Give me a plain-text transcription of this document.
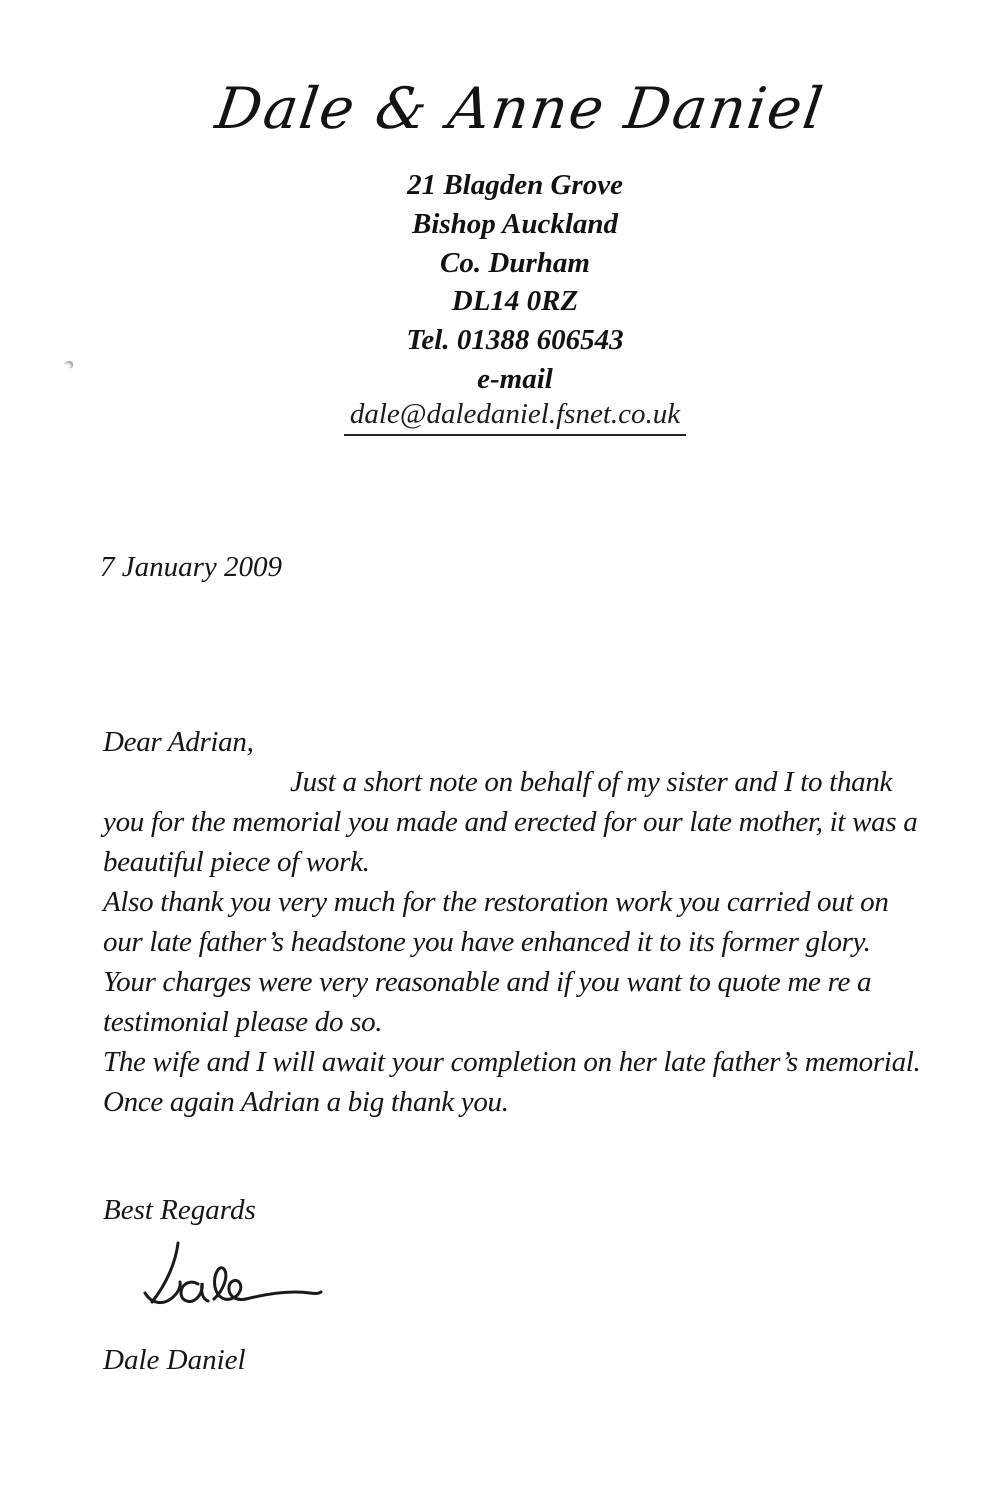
Dale & Anne Daniel
21 Blagden Grove
Bishop Auckland
Co. Durham
DL14 0RZ
Tel. 01388 606543
e-mail
dale@daledaniel.fsnet.co.uk
7 January 2009
Dear Adrian,
Just a short note on behalf of my sister and I to thank
you for the memorial you made and erected for our late mother, it was a
beautiful piece of work.
Also thank you very much for the restoration work you carried out on
our late father’s headstone you have enhanced it to its former glory.
Your charges were very reasonable and if you want to quote me re a
testimonial please do so.
The wife and I will await your completion on her late father’s memorial.
Once again Adrian a big thank you.
Best Regards
Dale Daniel
